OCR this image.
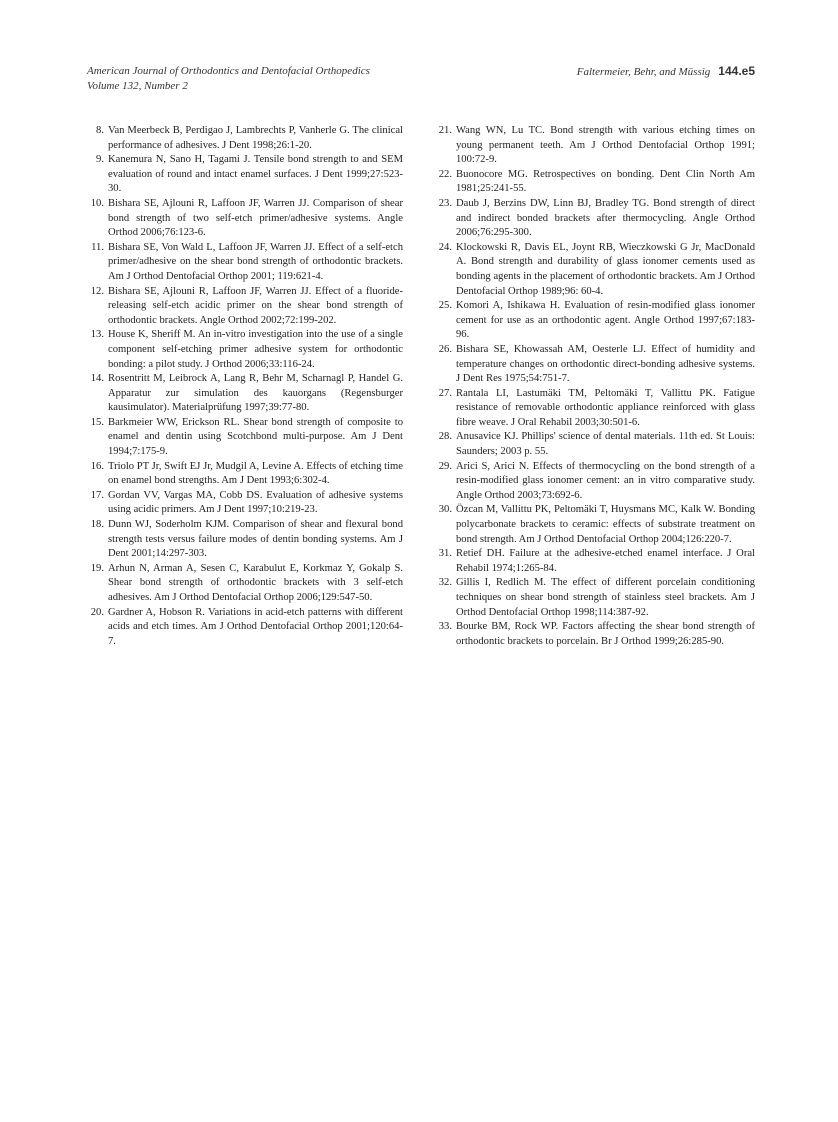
American Journal of Orthodontics and Dentofacial Orthopedics
Volume 132, Number 2
Faltermeier, Behr, and Müssig 144.e5
8. Van Meerbeck B, Perdigao J, Lambrechts P, Vanherle G. The clinical performance of adhesives. J Dent 1998;26:1-20.
9. Kanemura N, Sano H, Tagami J. Tensile bond strength to and SEM evaluation of round and intact enamel surfaces. J Dent 1999;27:523-30.
10. Bishara SE, Ajlouni R, Laffoon JF, Warren JJ. Comparison of shear bond strength of two self-etch primer/adhesive systems. Angle Orthod 2006;76:123-6.
11. Bishara SE, Von Wald L, Laffoon JF, Warren JJ. Effect of a self-etch primer/adhesive on the shear bond strength of orthodontic brackets. Am J Orthod Dentofacial Orthop 2001; 119:621-4.
12. Bishara SE, Ajlouni R, Laffoon JF, Warren JJ. Effect of a fluoride-releasing self-etch acidic primer on the shear bond strength of orthodontic brackets. Angle Orthod 2002;72:199-202.
13. House K, Sheriff M. An in-vitro investigation into the use of a single component self-etching primer adhesive system for orthodontic bonding: a pilot study. J Orthod 2006;33:116-24.
14. Rosentritt M, Leibrock A, Lang R, Behr M, Scharnagl P, Handel G. Apparatur zur simulation des kauorgans (Regensburger kausimulator). Materialprüfung 1997;39:77-80.
15. Barkmeier WW, Erickson RL. Shear bond strength of composite to enamel and dentin using Scotchbond multi-purpose. Am J Dent 1994;7:175-9.
16. Triolo PT Jr, Swift EJ Jr, Mudgil A, Levine A. Effects of etching time on enamel bond strengths. Am J Dent 1993;6:302-4.
17. Gordan VV, Vargas MA, Cobb DS. Evaluation of adhesive systems using acidic primers. Am J Dent 1997;10:219-23.
18. Dunn WJ, Soderholm KJM. Comparison of shear and flexural bond strength tests versus failure modes of dentin bonding systems. Am J Dent 2001;14:297-303.
19. Arhun N, Arman A, Sesen C, Karabulut E, Korkmaz Y, Gokalp S. Shear bond strength of orthodontic brackets with 3 self-etch adhesives. Am J Orthod Dentofacial Orthop 2006;129:547-50.
20. Gardner A, Hobson R. Variations in acid-etch patterns with different acids and etch times. Am J Orthod Dentofacial Orthop 2001;120:64-7.
21. Wang WN, Lu TC. Bond strength with various etching times on young permanent teeth. Am J Orthod Dentofacial Orthop 1991; 100:72-9.
22. Buonocore MG. Retrospectives on bonding. Dent Clin North Am 1981;25:241-55.
23. Daub J, Berzins DW, Linn BJ, Bradley TG. Bond strength of direct and indirect bonded brackets after thermocycling. Angle Orthod 2006;76:295-300.
24. Klockowski R, Davis EL, Joynt RB, Wieczkowski G Jr, MacDonald A. Bond strength and durability of glass ionomer cements used as bonding agents in the placement of orthodontic brackets. Am J Orthod Dentofacial Orthop 1989;96: 60-4.
25. Komori A, Ishikawa H. Evaluation of resin-modified glass ionomer cement for use as an orthodontic agent. Angle Orthod 1997;67:183-96.
26. Bishara SE, Khowassah AM, Oesterle LJ. Effect of humidity and temperature changes on orthodontic direct-bonding adhesive systems. J Dent Res 1975;54:751-7.
27. Rantala LI, Lastumäki TM, Peltomäki T, Vallittu PK. Fatigue resistance of removable orthodontic appliance reinforced with glass fibre weave. J Oral Rehabil 2003;30:501-6.
28. Anusavice KJ. Phillips' science of dental materials. 11th ed. St Louis: Saunders; 2003 p. 55.
29. Arici S, Arici N. Effects of thermocycling on the bond strength of a resin-modified glass ionomer cement: an in vitro comparative study. Angle Orthod 2003;73:692-6.
30. Özcan M, Vallittu PK, Peltomäki T, Huysmans MC, Kalk W. Bonding polycarbonate brackets to ceramic: effects of substrate treatment on bond strength. Am J Orthod Dentofacial Orthop 2004;126:220-7.
31. Retief DH. Failure at the adhesive-etched enamel interface. J Oral Rehabil 1974;1:265-84.
32. Gillis I, Redlich M. The effect of different porcelain conditioning techniques on shear bond strength of stainless steel brackets. Am J Orthod Dentofacial Orthop 1998;114:387-92.
33. Bourke BM, Rock WP. Factors affecting the shear bond strength of orthodontic brackets to porcelain. Br J Orthod 1999;26:285-90.
